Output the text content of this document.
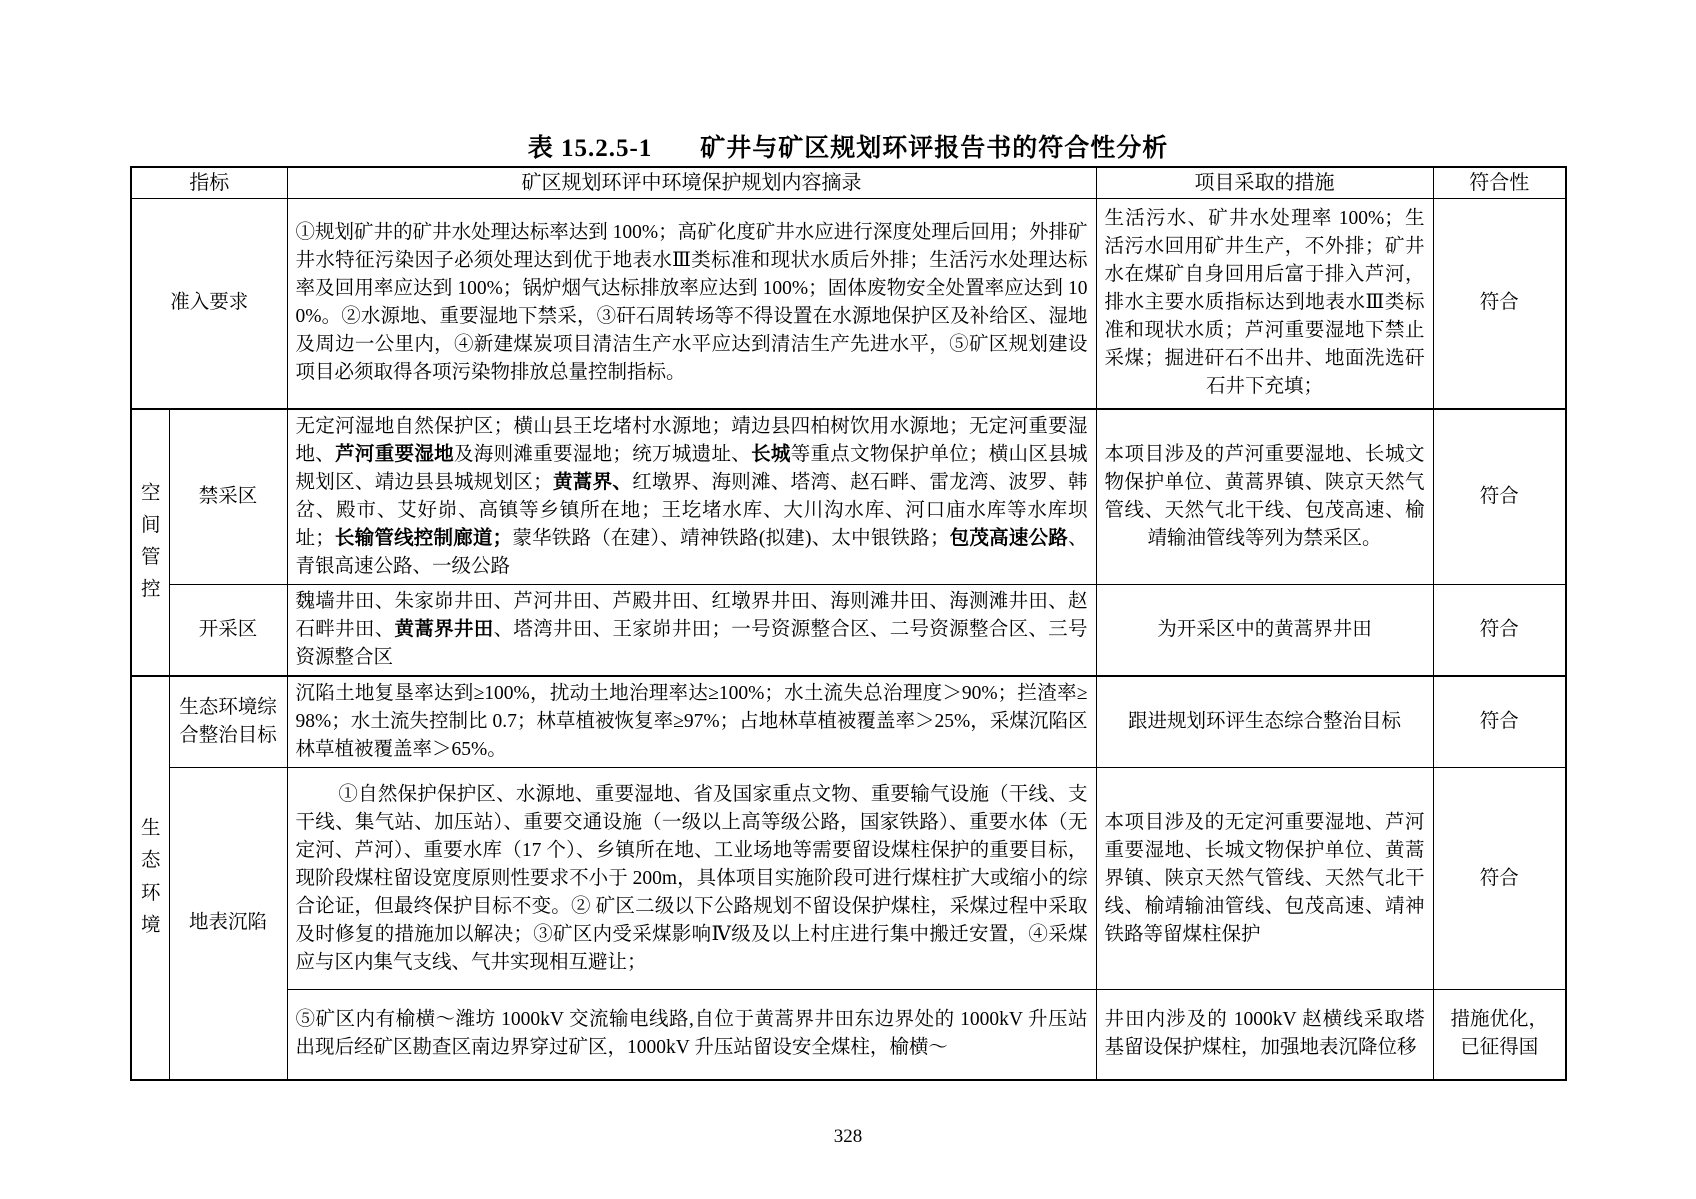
表 15.2.5-1 矿井与矿区规划环评报告书的符合性分析
指标		矿区规划环评中环境保护规划内容摘录	项目采取的措施	符合性
准入要求		①规划矿井的矿井水处理达标率达到 100%；高矿化度矿井水应进行深度处理后回用；外排矿井水特征污染因子必须处理达到优于地表水Ⅲ类标准和现状水质后外排；生活污水处理达标率及回用率应达到 100%；锅炉烟气达标排放率应达到 100%；固体废物安全处置率应达到 100%。②水源地、重要湿地下禁采，③矸石周转场等不得设置在水源地保护区及补给区、湿地及周边一公里内，④新建煤炭项目清洁生产水平应达到清洁生产先进水平，⑤矿区规划建设项目必须取得各项污染物排放总量控制指标。	生活污水、矿井水处理率 100%；生活污水回用矿井生产，不外排；矿井水在煤矿自身回用后富于排入芦河，排水主要水质指标达到地表水Ⅲ类标准和现状水质；芦河重要湿地下禁止采煤；掘进矸石不出井、地面洗选矸石井下充填；	符合

空间管控	禁采区	无定河湿地自然保护区；横山县王圪堵村水源地；靖边县四柏树饮用水源地；无定河重要湿地、芦河重要湿地及海则滩重要湿地；统万城遗址、长城等重点文物保护单位；横山区县城规划区、靖边县县城规划区；黄蒿界、红墩界、海则滩、塔湾、赵石畔、雷龙湾、波罗、韩岔、殿市、艾好峁、高镇等乡镇所在地；王圪堵水库、大川沟水库、河口庙水库等水库坝址；长输管线控制廊道；蒙华铁路（在建）、靖神铁路(拟建)、太中银铁路；包茂高速公路、青银高速公路、一级公路	本项目涉及的芦河重要湿地、长城文物保护单位、黄蒿界镇、陕京天然气管线、天然气北干线、包茂高速、榆靖输油管线等列为禁采区。	符合
	开采区	魏墙井田、朱家峁井田、芦河井田、芦殿井田、红墩界井田、海则滩井田、海测滩井田、赵石畔井田、黄蒿界井田、塔湾井田、王家峁井田；一号资源整合区、二号资源整合区、三号资源整合区	为开采区中的黄蒿界井田	符合

生态环境	生态环境综合整治目标	沉陷土地复垦率达到≥100%，扰动土地治理率达≥100%；水土流失总治理度＞90%；拦渣率≥98%；水土流失控制比 0.7；林草植被恢复率≥97%；占地林草植被覆盖率＞25%，采煤沉陷区林草植被覆盖率＞65%。	跟进规划环评生态综合整治目标	符合
	地表沉陷	①自然保护保护区、水源地、重要湿地、省及国家重点文物、重要输气设施（干线、支干线、集气站、加压站）、重要交通设施（一级以上高等级公路，国家铁路）、重要水体（无定河、芦河）、重要水库（17 个）、乡镇所在地、工业场地等需要留设煤柱保护的重要目标，现阶段煤柱留设宽度原则性要求不小于 200m，具体项目实施阶段可进行煤柱扩大或缩小的综合论证，但最终保护目标不变。② 矿区二级以下公路规划不留设保护煤柱，采煤过程中采取及时修复的措施加以解决；③矿区内受采煤影响Ⅳ级及以上村庄进行集中搬迁安置，④采煤应与区内集气支线、气井实现相互避让；	本项目涉及的无定河重要湿地、芦河重要湿地、长城文物保护单位、黄蒿界镇、陕京天然气管线、天然气北干线、榆靖输油管线、包茂高速、靖神铁路等留煤柱保护	符合
		⑤矿区内有榆横～潍坊 1000kV 交流输电线路,自位于黄蒿界井田东边界处的 1000kV 升压站出现后经矿区勘查区南边界穿过矿区，1000kV 升压站留设安全煤柱，榆横～	井田内涉及的 1000kV 赵横线采取塔基留设保护煤柱，加强地表沉降位移	措施优化，已征得国
328
